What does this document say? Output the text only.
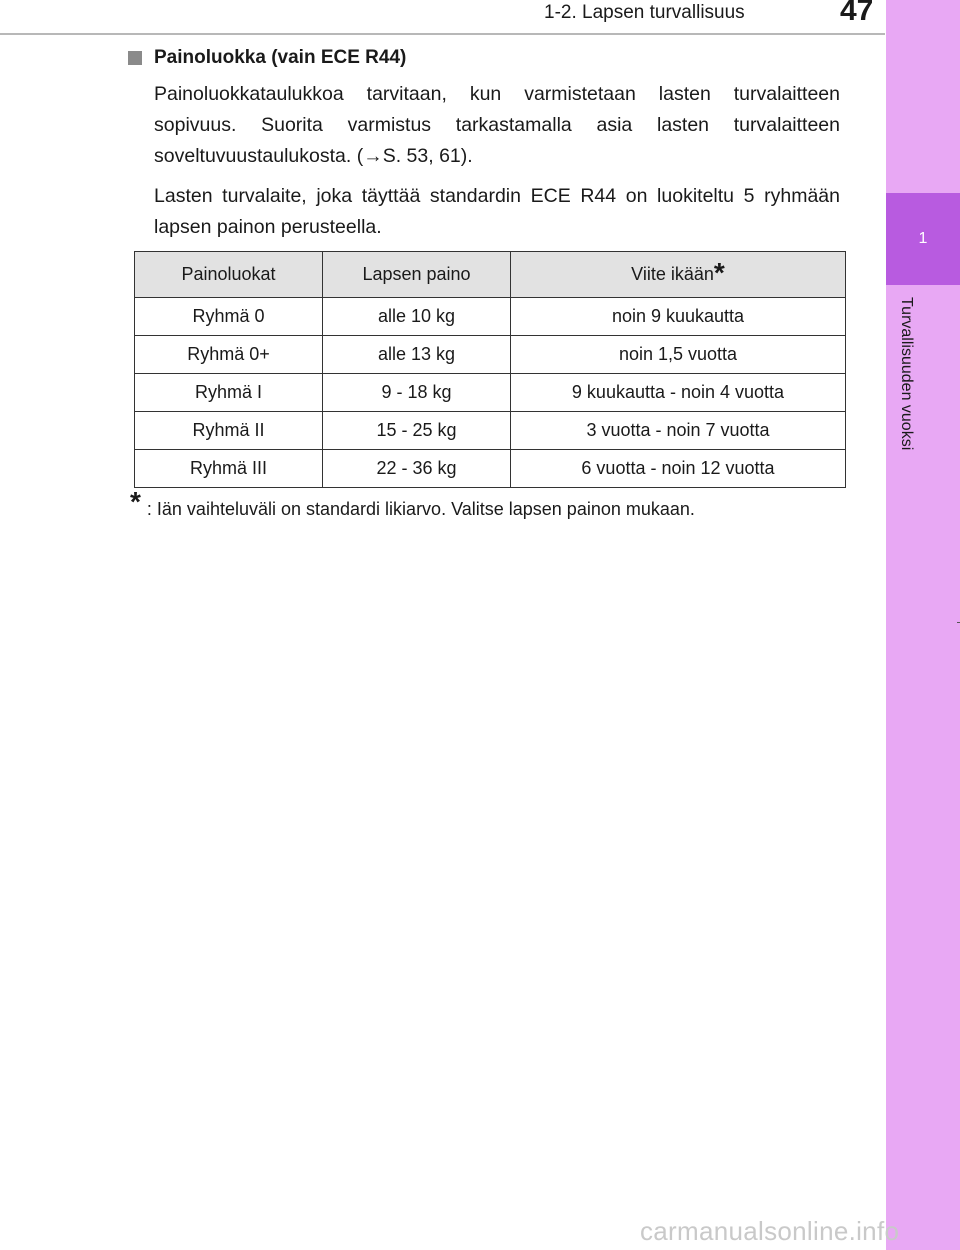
1-2. Lapsen turvallisuus	47
1
Turvallisuuden vuoksi
Painoluokka (vain ECE R44)

Painoluokkataulukkoa tarvitaan, kun varmistetaan lasten turvalaitteen sopivuus. Suorita varmistus tarkastamalla asia lasten turvalaitteen soveltuvuustaulukosta. (→S. 53, 61).

Lasten turvalaite, joka täyttää standardin ECE R44 on luokiteltu 5 ryhmään lapsen painon perusteella.

Painoluokat	Lapsen paino	Viite ikään*
Ryhmä 0	alle 10 kg	noin 9 kuukautta
Ryhmä 0+	alle 13 kg	noin 1,5 vuotta
Ryhmä I	9 - 18 kg	9 kuukautta - noin 4 vuotta
Ryhmä II	15 - 25 kg	3 vuotta - noin 7 vuotta
Ryhmä III	22 - 36 kg	6 vuotta - noin 12 vuotta
* : Iän vaihteluväli on standardi likiarvo. Valitse lapsen painon mukaan.
carmanualsonline.info
